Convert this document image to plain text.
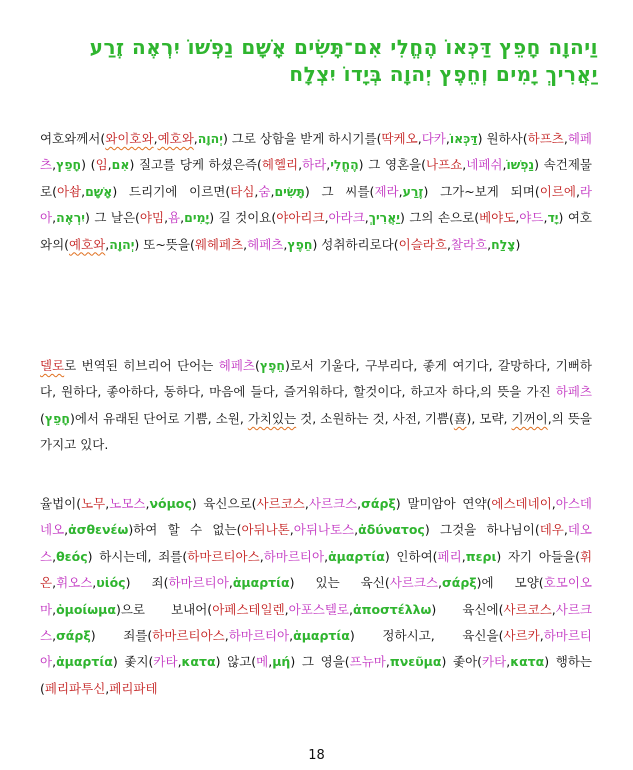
וַיהוָה חָפֵץ דַּכְּאוֹ הֶחֱלִי אִם־תָּשִׂים אָשָׁם נַפְשׁוֹ יִרְאֶה זֶרַע יַאֲרִיךְ יָמִים וְחֵפֶץ יְהוָה בְּיָדוֹ יִצְלָח
여호와께서(와이호와,예호와,יְהוָה) 그로 상함을 받게 하시기를(딱케오,다카,דַּכְּאוֹ) 원하사(하프츠,헤페츠,חָפֵץ) (임,אִם) 질고를 당케 하셨은즉(헤헬리,하라,הֶחֱלִי) 그 영혼을(나프쇼,네페쉬,נַפְשׁוֹ) 속건제물로(아솸,אָשָׁם) 드리기에 이르면(타심,숨,תָּשִׂים) 그 씨를(제라,זֶרַע) 그가~보게 되며(이르에,라아,יִרְאֶה) 그 날은(야밈,욤,יָמִים) 길 것이요(야아리크,아라크,יַאֲרִיךְ) 그의 손으로(베야도,야드,יָד) 여호와의(예호와,יְהוָה) 또~뜻을(웨헤페츠,헤페츠,חֵפֶץ) 성취하리로다(이슬라흐,찰라흐,צָלַח)
델로로 번역된 히브리어 단어는 헤페츠(חֵפֶץ)로서 기울다, 구부리다, 좋게 여기다, 갈망하다, 기뻐하다, 원하다, 좋아하다, 동하다, 마음에 들다, 즐거워하다, 할것이다, 하고자 하다,의 뜻을 가진 하페츠(חָפֵץ)에서 유래된 단어로 기쁨, 소원, 가치있는 것, 소원하는 것, 사전, 기쁨(喜), 모략, 기꺼이,의 뜻을 가지고 있다.
율법이(노무,노모스,νόμος) 육신으로(사르코스,사르크스,σάρξ) 말미암아 연약(에스데네이,아스데네오,ἀσθενέω)하여 할 수 없는(아뒤나톤,아뒤나토스,ἀδύνατος) 그것을 하나님이(데우,데오스,θεός) 하시는데, 죄를(하마르티아스,하마르티아,ἁμαρτία) 인하여(페리,περι) 자기 아들을(휘온,휘오스,υἱός) 죄(하마르티아,ἁμαρτία) 있는 육신(사르크스,σάρξ)에 모양(호모이오마,ὁμοίωμα)으로 보내어(아페스테일렌,아포스텔로,ἀποστέλλω) 육신에(사르코스,사르크스,σάρξ) 죄를(하마르티아스,하마르티아,ἁμαρτία) 정하시고, 육신을(사르카,하마르티아,ἁμαρτία) 좇지(카타,κατα) 않고(메,μή) 그 영을(프뉴마,πνεῦμα) 좇아(카타,κατα) 행하는(페리파투신,페리파테
18
